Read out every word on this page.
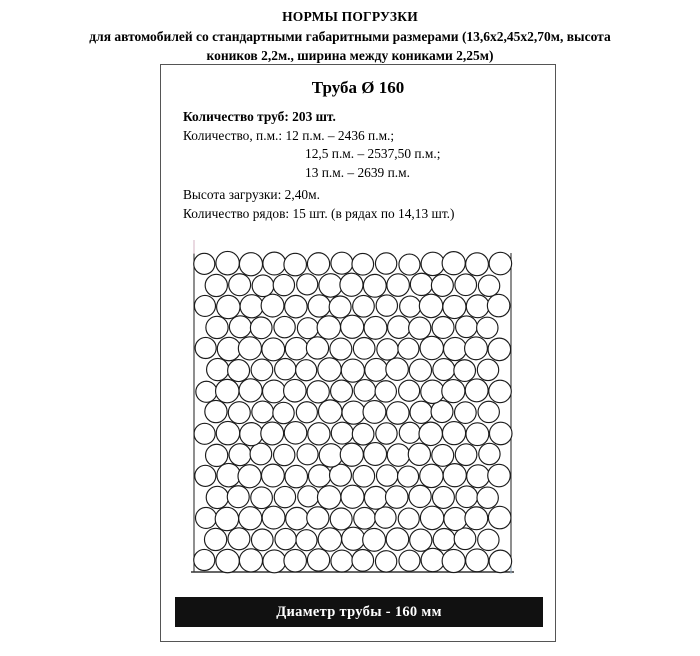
НОРМЫ ПОГРУЗКИ
для автомобилей со стандартными габаритными размерами (13,6х2,45х2,70м, высота
коников 2,2м., ширина между кониками 2,25м)
Труба Ø 160
Количество труб: 203 шт.
Количество, п.м.: 12 п.м. – 2436 п.м.;
12,5 п.м. – 2537,50 п.м.;
13 п.м. – 2639 п.м.
Высота загрузки: 2,40м.
Количество рядов: 15 шт. (в рядах по 14,13 шт.)
Диаметр трубы - 160 мм
